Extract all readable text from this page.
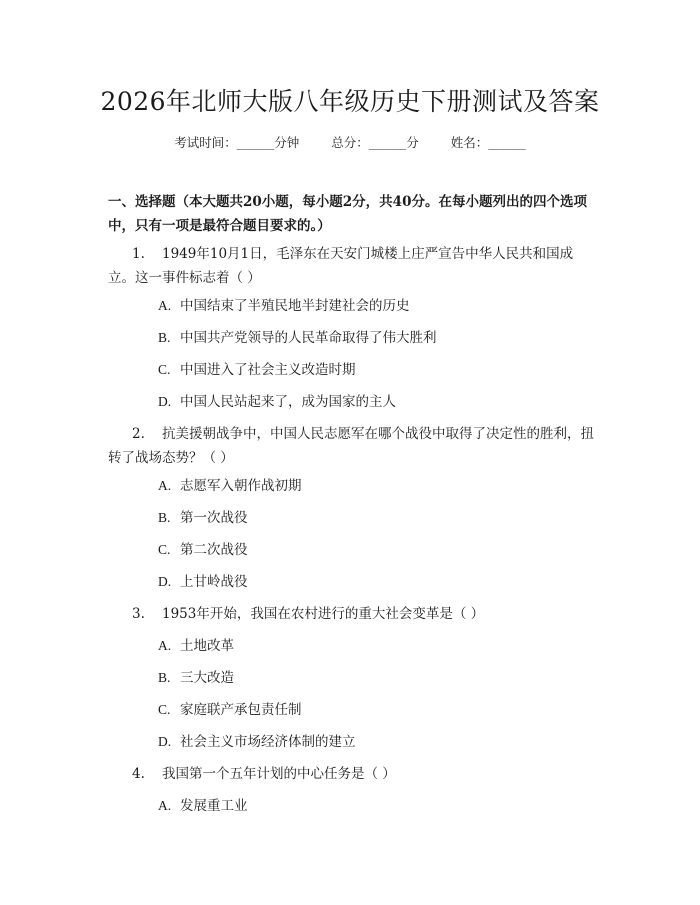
2026年北师大版八年级历史下册测试及答案
考试时间：______分钟	总分：______分	姓名：______
一、选择题（本大题共20小题，每小题2分，共40分。在每小题列出的四个选项中，只有一项是最符合题目要求的。）
1. 1949年10月1日，毛泽东在天安门城楼上庄严宣告中华人民共和国成立。这一事件标志着（ ）
A. 中国结束了半殖民地半封建社会的历史
B. 中国共产党领导的人民革命取得了伟大胜利
C. 中国进入了社会主义改造时期
D. 中国人民站起来了，成为国家的主人
2. 抗美援朝战争中，中国人民志愿军在哪个战役中取得了决定性的胜利，扭转了战场态势？（ ）
A. 志愿军入朝作战初期
B. 第一次战役
C. 第二次战役
D. 上甘岭战役
3. 1953年开始，我国在农村进行的重大社会变革是（ ）
A. 土地改革
B. 三大改造
C. 家庭联产承包责任制
D. 社会主义市场经济体制的建立
4. 我国第一个五年计划的中心任务是（ ）
A. 发展重工业
